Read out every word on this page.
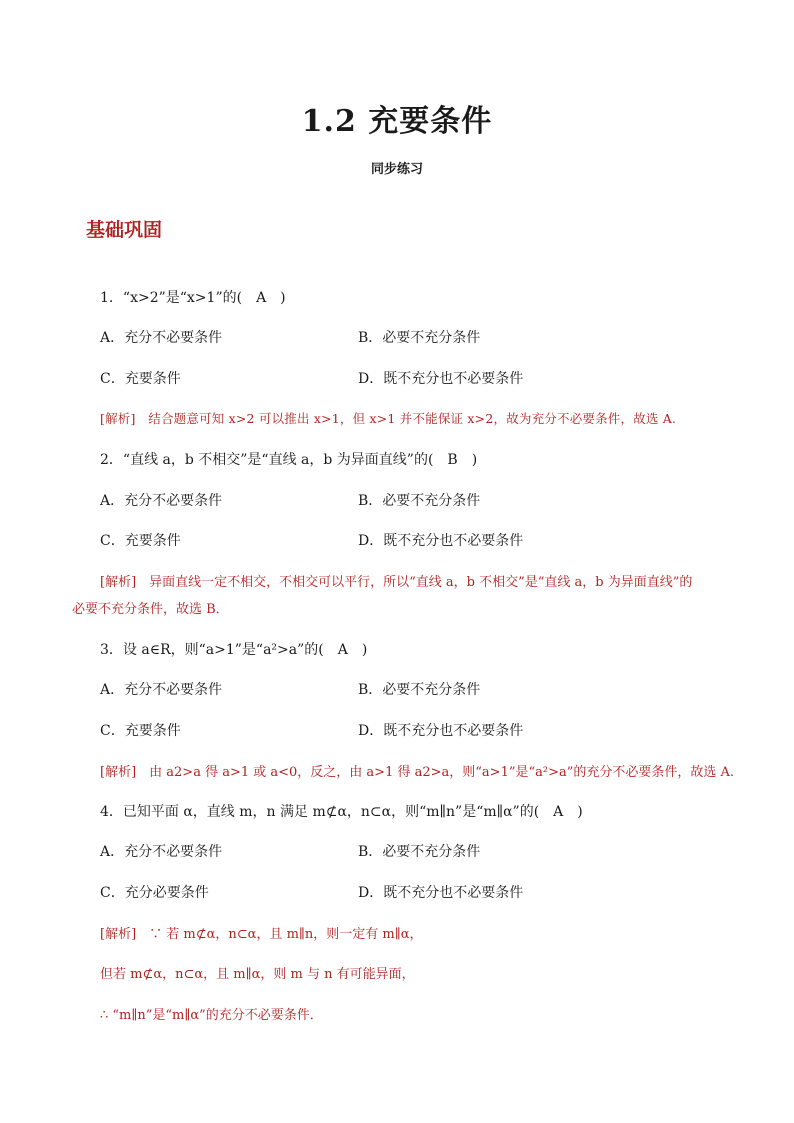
1.2 充要条件
同步练习
基础巩固
1．“x>2”是“x>1”的(　A　)
A．充分不必要条件	B．必要不充分条件
C．充要条件	D．既不充分也不必要条件
[解析]　结合题意可知 x>2 可以推出 x>1，但 x>1 并不能保证 x>2，故为充分不必要条件，故选 A.
2．“直线 a，b 不相交”是“直线 a，b 为异面直线”的(　B　)
A．充分不必要条件	B．必要不充分条件
C．充要条件	D．既不充分也不必要条件
[解析]　异面直线一定不相交，不相交可以平行，所以“直线 a，b 不相交”是“直线 a，b 为异面直线”的
必要不充分条件，故选 B．
3．设 a∈R，则“a>1”是“a²>a”的(　A　)
A．充分不必要条件	B．必要不充分条件
C．充要条件	D．既不充分也不必要条件
[解析]　由 a2>a 得 a>1 或 a<0，反之，由 a>1 得 a2>a，则“a>1”是“a²>a”的充分不必要条件，故选 A.
4．已知平面 α，直线 m，n 满足 m⊄α，n⊂α，则“m∥n”是“m∥α”的(　A　)
A．充分不必要条件	B．必要不充分条件
C．充分必要条件	D．既不充分也不必要条件
[解析]　∵ 若 m⊄α，n⊂α，且 m∥n，则一定有 m∥α，
但若 m⊄α，n⊂α，且 m∥α，则 m 与 n 有可能异面，
∴ “m∥n”是“m∥α”的充分不必要条件．
